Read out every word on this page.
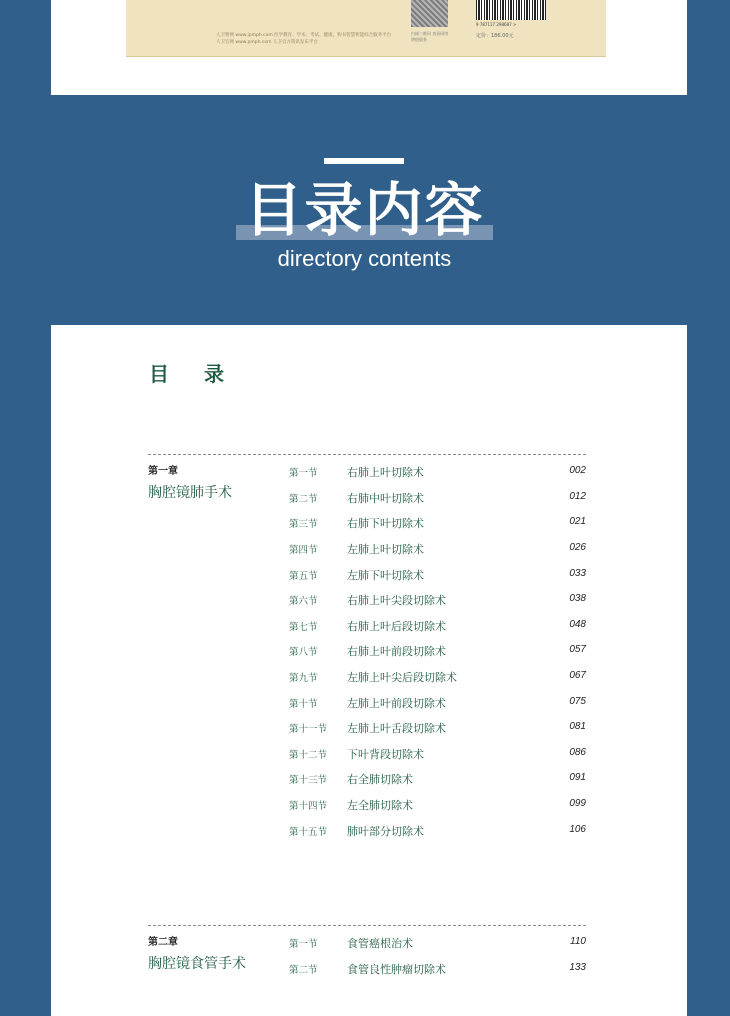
人卫智网 www.ipmph.com 医学教育、学术、考试、健康，购书智慧智能综合服务平台
人卫官网 www.pmph.com 人卫官方资讯发布平台
扫描二维码 查看网络增值服务
9 787117 298687 >
定价：186.00元
目录内容
directory contents
目 录
第一章
胸腔镜肺手术
第一节	右肺上叶切除术	002
第二节	右肺中叶切除术	012
第三节	右肺下叶切除术	021
第四节	左肺上叶切除术	026
第五节	左肺下叶切除术	033
第六节	右肺上叶尖段切除术	038
第七节	右肺上叶后段切除术	048
第八节	右肺上叶前段切除术	057
第九节	左肺上叶尖后段切除术	067
第十节	左肺上叶前段切除术	075
第十一节 左肺上叶舌段切除术	081
第十二节 下叶背段切除术	086
第十三节 右全肺切除术	091
第十四节 左全肺切除术	099
第十五节 肺叶部分切除术	106
第二章
胸腔镜食管手术
第一节	食管癌根治术	110
第二节	食管良性肿瘤切除术	133
